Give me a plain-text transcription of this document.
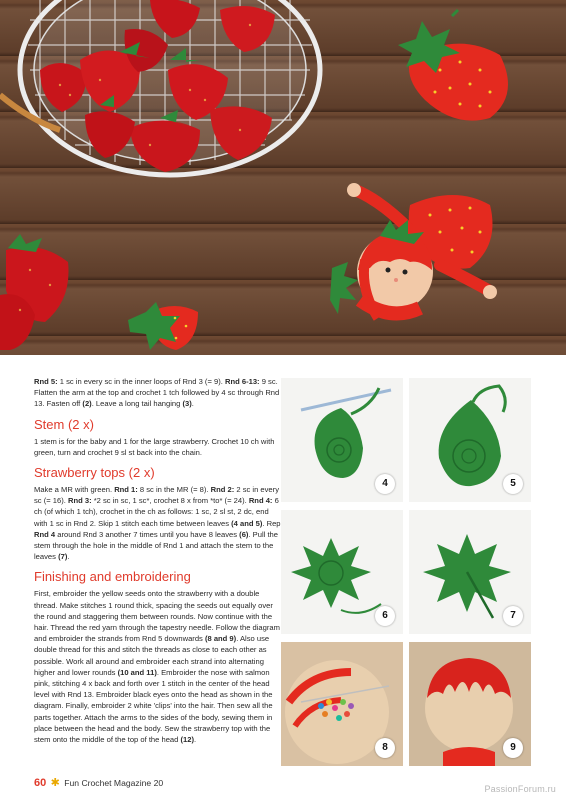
Rnd 5: 1 sc in every sc in the inner loops of Rnd 3 (= 9). Rnd 6-13: 9 sc. Flatten the arm at the top and crochet 1 tch followed by 4 sc through Rnd 13. Fasten off (2). Leave a long tail hanging (3).

Stem (2 x)

1 stem is for the baby and 1 for the large strawberry. Crochet 10 ch with green, turn and crochet 9 sl st back into the chain.

Strawberry tops (2 x)

Make a MR with green. Rnd 1: 8 sc in the MR (= 8). Rnd 2: 2 sc in every sc (= 16). Rnd 3: *2 sc in sc, 1 sc*, crochet 8 x from *to* (= 24). Rnd 4: 6 ch (of which 1 tch), crochet in the ch as follows: 1 sc, 2 sl st, 2 dc, end with 1 sc in Rnd 2. Skip 1 stitch each time between leaves (4 and 5). Rep Rnd 4 around Rnd 3 another 7 times until you have 8 leaves (6). Pull the stem through the hole in the middle of Rnd 1 and attach the stem to the leaves (7).

Finishing and embroidering

First, embroider the yellow seeds onto the strawberry with a double thread. Make stitches 1 round thick, spacing the seeds out equally over the round and staggering them between rounds. Now continue with the hair. Thread the red yarn through the tapestry needle. Follow the diagram and embroider the strands from Rnd 5 downwards (8 and 9). Also use double thread for this and stitch the threads as close to each other as possible. Work all around and embroider each strand into alternating higher and lower rounds (10 and 11). Embroider the nose with salmon pink, stitching 4 x back and forth over 1 stitch in the center of the head level with Rnd 13. Embroider black eyes onto the head as shown in the diagram. Finally, embroider 2 white 'clips' into the hair. Then sew all the parts together. Attach the arms to the sides of the body, sewing them in place between the head and the body. Sew the strawberry top with the stem onto the middle of the top of the head (12).

4	5
6	7
8	9
60 ✱ Fun Crochet Magazine 20
PassionForum.ru
